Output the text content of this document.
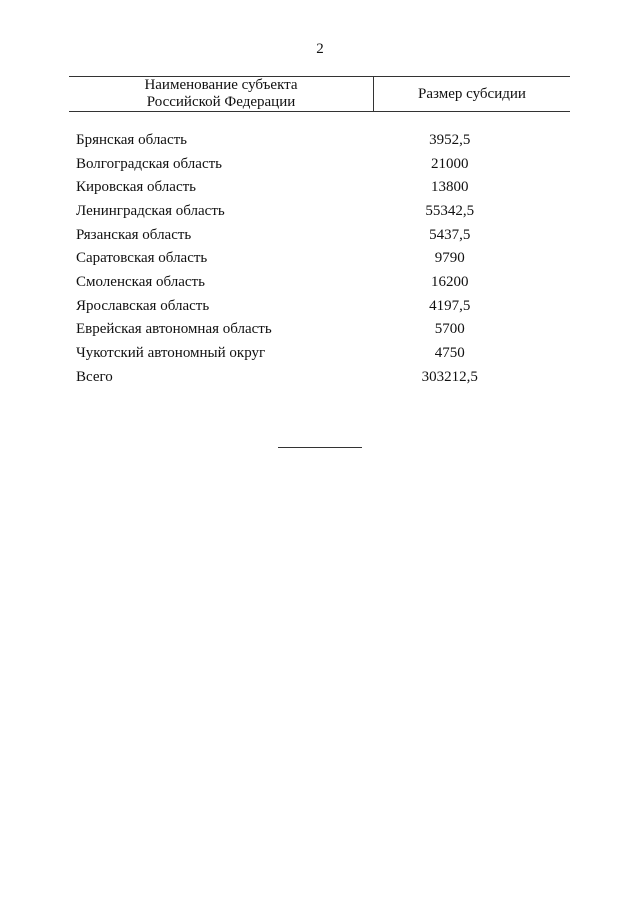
2
Наименование субъекта
Российской Федерации	Размер субсидии

Брянская область	3952,5
Волгоградская область	21000
Кировская область	13800
Ленинградская область	55342,5
Рязанская область	5437,5
Саратовская область	9790
Смоленская область	16200
Ярославская область	4197,5
Еврейская автономная область	5700
Чукотский автономный округ	4750
Всего	303212,5
